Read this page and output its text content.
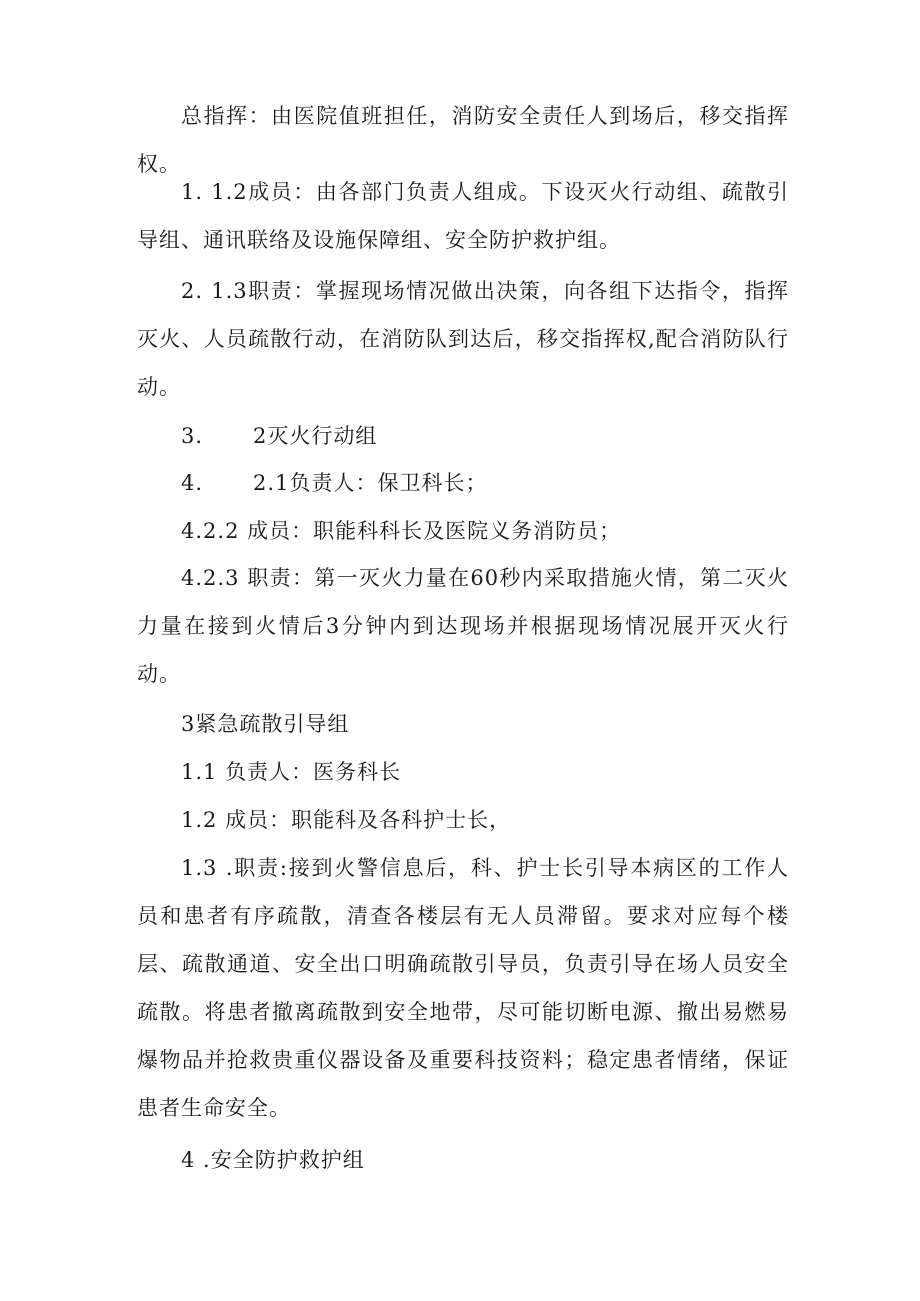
总指挥：由医院值班担任，消防安全责任人到场后，移交指挥权。

1. 1.2成员：由各部门负责人组成。下设灭火行动组、疏散引导组、通讯联络及设施保障组、安全防护救护组。

2. 1.3职责：掌握现场情况做出决策，向各组下达指令，指挥灭火、人员疏散行动，在消防队到达后，移交指挥权,配合消防队行动。

3. 2灭火行动组

4. 2.1负责人：保卫科长；

4.2.2 成员：职能科科长及医院义务消防员；

4.2.3 职责：第一灭火力量在60秒内采取措施火情，第二灭火力量在接到火情后3分钟内到达现场并根据现场情况展开灭火行动。

3紧急疏散引导组

1.1 负责人：医务科长

1.2 成员：职能科及各科护士长，

1.3 .职责:接到火警信息后，科、护士长引导本病区的工作人员和患者有序疏散，清查各楼层有无人员滞留。要求对应每个楼层、疏散通道、安全出口明确疏散引导员，负责引导在场人员安全疏散。将患者撤离疏散到安全地带，尽可能切断电源、撤出易燃易爆物品并抢救贵重仪器设备及重要科技资料；稳定患者情绪，保证患者生命安全。

4 .安全防护救护组
